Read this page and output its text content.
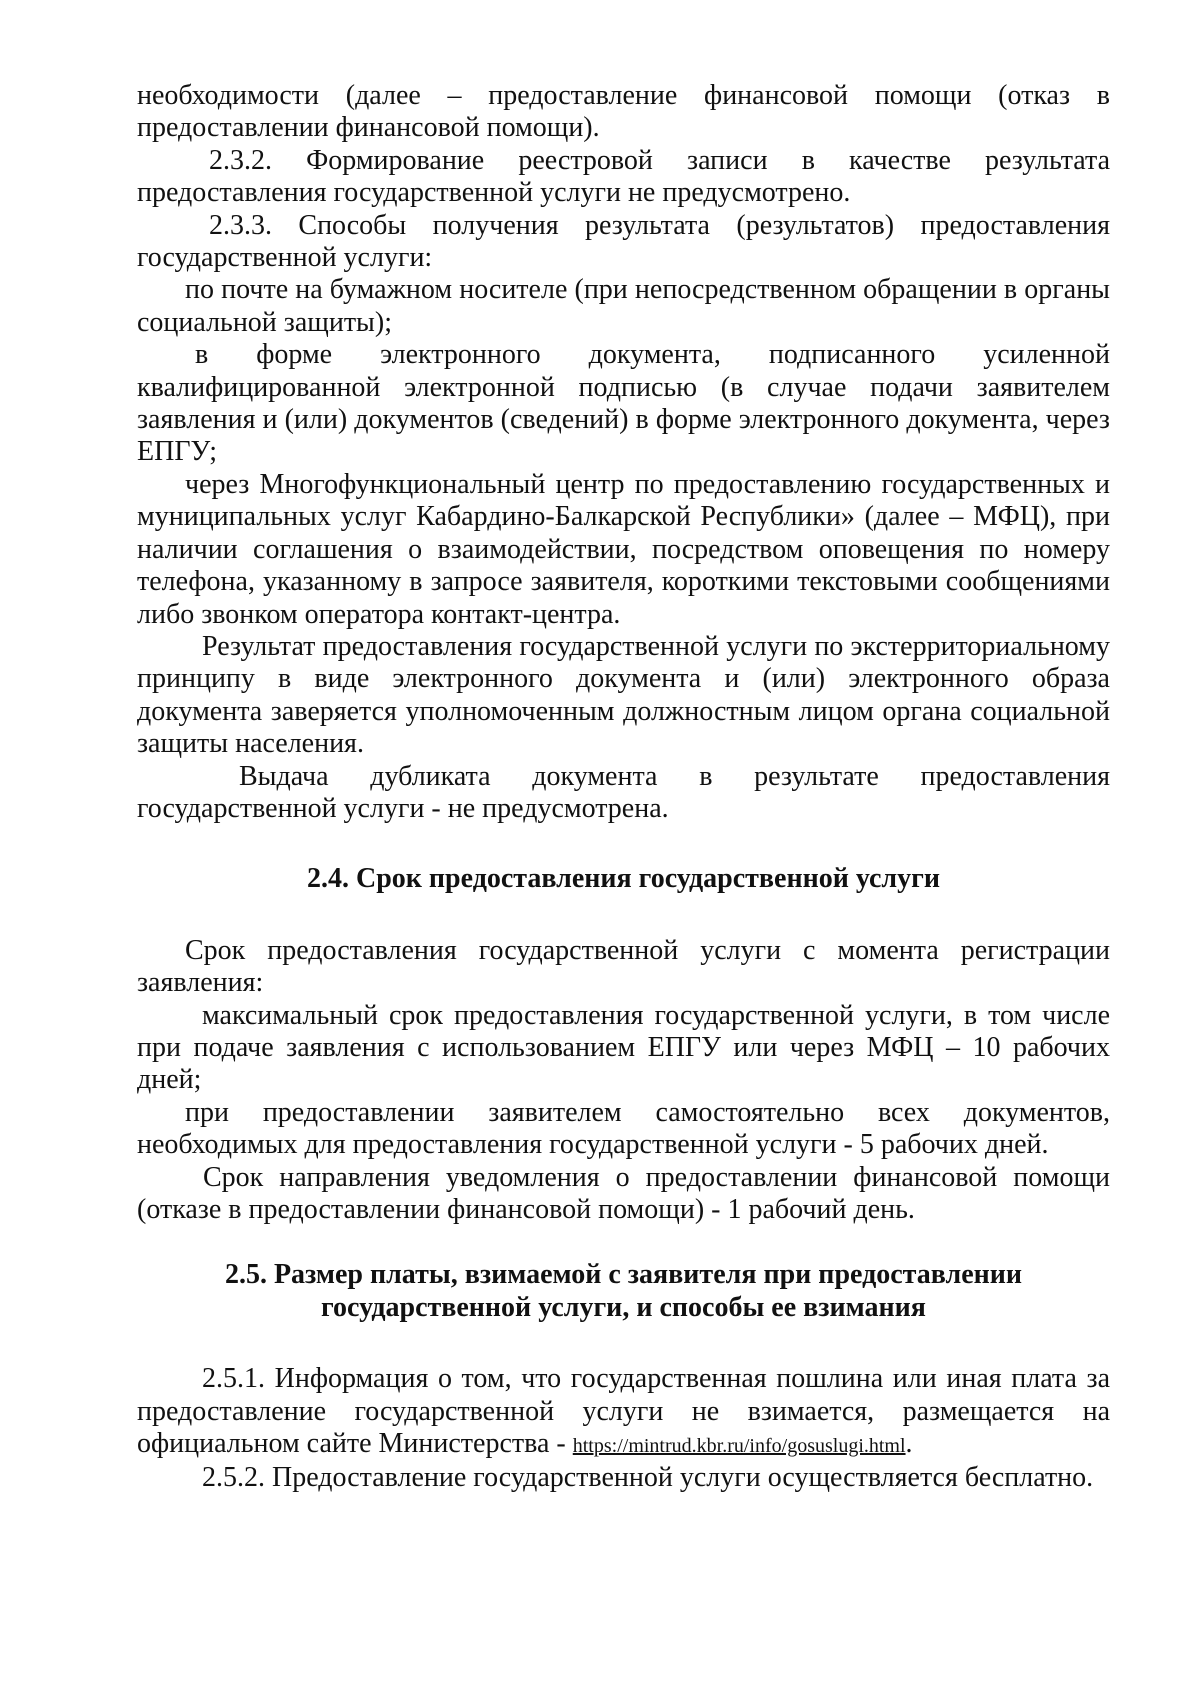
необходимости (далее – предоставление финансовой помощи (отказ в предоставлении финансовой помощи).

2.3.2. Формирование реестровой записи в качестве результата предоставления государственной услуги не предусмотрено.

2.3.3. Способы получения результата (результатов) предоставления государственной услуги:

по почте на бумажном носителе (при непосредственном обращении в органы социальной защиты);

в форме электронного документа, подписанного усиленной квалифицированной электронной подписью (в случае подачи заявителем заявления и (или) документов (сведений) в форме электронного документа, через ЕПГУ;

через Многофункциональный центр по предоставлению государственных и муниципальных услуг Кабардино-Балкарской Республики» (далее – МФЦ), при наличии соглашения о взаимодействии, посредством оповещения по номеру телефона, указанному в запросе заявителя, короткими текстовыми сообщениями либо звонком оператора контакт-центра.

Результат предоставления государственной услуги по экстерриториальному принципу в виде электронного документа и (или) электронного образа документа заверяется уполномоченным должностным лицом органа социальной защиты населения.

Выдача дубликата документа в результате предоставления государственной услуги - не предусмотрена.

2.4. Срок предоставления государственной услуги

Срок предоставления государственной услуги с момента регистрации заявления:

максимальный срок предоставления государственной услуги, в том числе при подаче заявления с использованием ЕПГУ или через МФЦ – 10 рабочих дней;

при предоставлении заявителем самостоятельно всех документов, необходимых для предоставления государственной услуги - 5 рабочих дней.

Срок направления уведомления о предоставлении финансовой помощи (отказе в предоставлении финансовой помощи) - 1 рабочий день.

2.5. Размер платы, взимаемой с заявителя при предоставлении
государственной услуги, и способы ее взимания

2.5.1. Информация о том, что государственная пошлина или иная плата за предоставление государственной услуги не взимается, размещается на официальном сайте Министерства - https://mintrud.kbr.ru/info/gosuslugi.html.

2.5.2. Предоставление государственной услуги осуществляется бесплатно.
